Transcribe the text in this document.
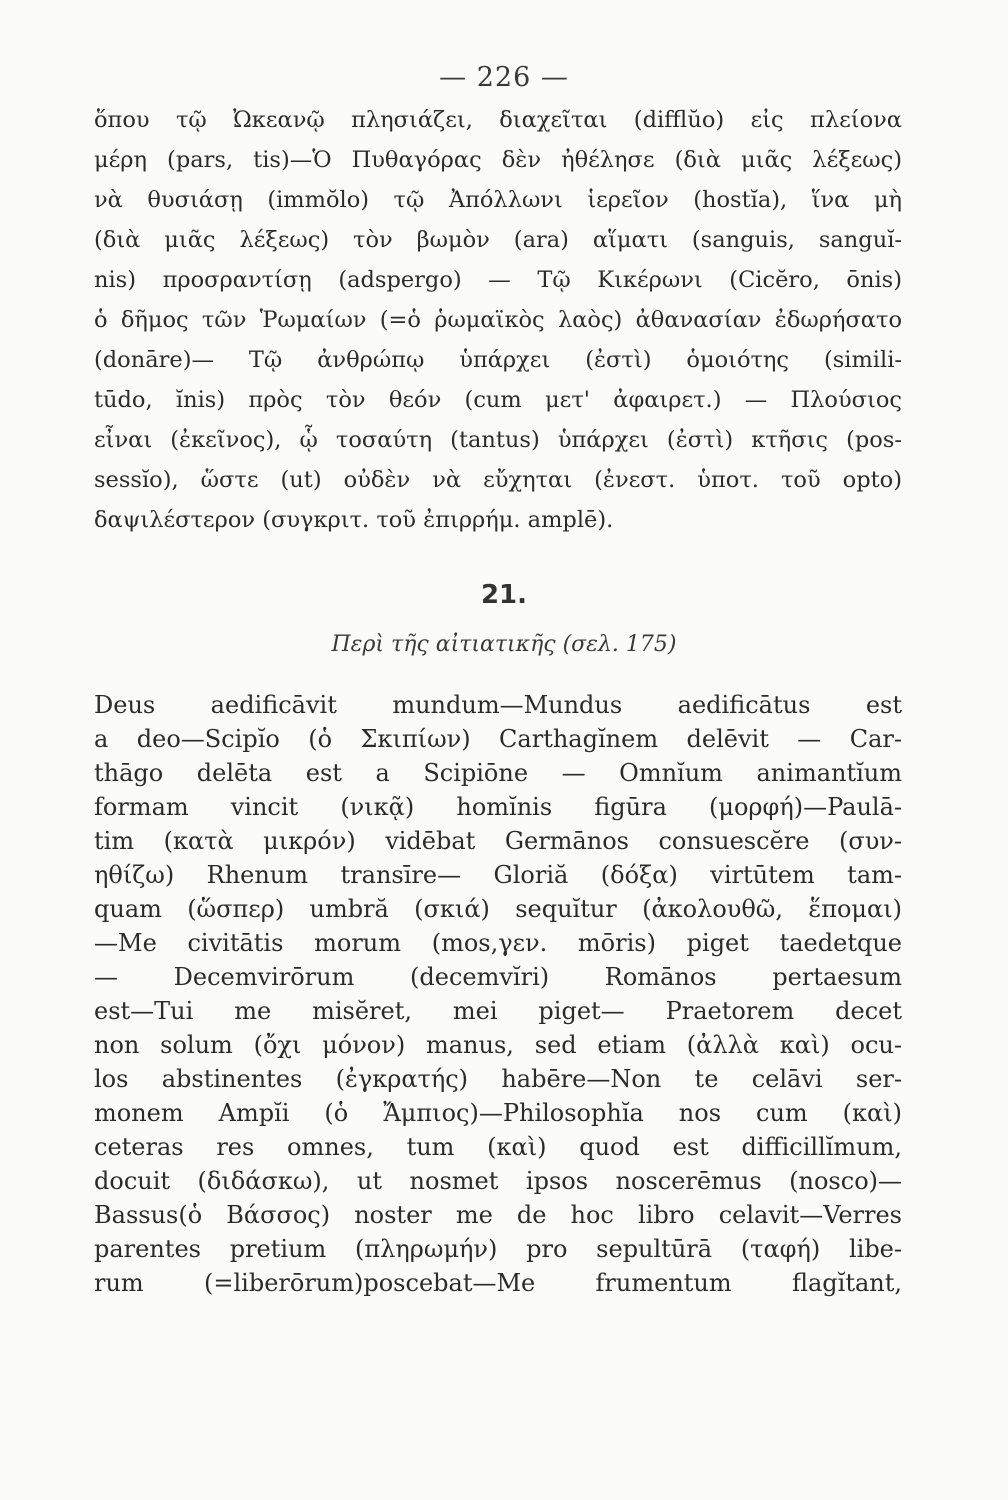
— 226 —
ὅπου τῷ Ὠκεανῷ πλησιάζει, διαχεῖται (difflŭo) εἰς πλείονα
μέρη (pars, tis)—Ὁ Πυθαγόρας δὲν ἠθέλησε (διὰ μιᾶς λέξεως)
νὰ θυσιάσῃ (immŏlo) τῷ Ἀπόλλωνι ἱερεῖον (hostĭa), ἵνα μὴ
(διὰ μιᾶς λέξεως) τὸν βωμὸν (ara) αἵματι (sanguis, sanguĭ-
nis) προσραντίσῃ (adspergo) — Τῷ Κικέρωνι (Cicĕro, ōnis)
ὁ δῆμος τῶν Ῥωμαίων (=ὁ ῥωμαϊκὸς λαὸς) ἀθανασίαν ἐδωρήσατο
(donāre)— Τῷ ἀνθρώπῳ ὑπάρχει (ἐστὶ) ὁμοιότης (simili-
tūdo, ĭnis) πρὸς τὸν θεόν (cum μετ' ἀφαιρετ.) — Πλούσιος
εἶναι (ἐκεῖνος), ᾧ τοσαύτη (tantus) ὑπάρχει (ἐστὶ) κτῆσις (pos-
sessĭo), ὥστε (ut) οὐδὲν νὰ εὔχηται (ἐνεστ. ὑποτ. τοῦ opto)
δαψιλέστερον (συγκριτ. τοῦ ἐπιρρήμ. amplē).
21.
Περὶ τῆς αἰτιατικῆς (σελ. 175)
Deus aedificāvit mundum—Mundus aedificātus est
a deo—Scipĭo (ὁ Σκιπίων) Carthagĭnem delēvit — Car-
thāgo delēta est a Scipiōne — Omnĭum animantĭum
formam vincit (νικᾷ) homĭnis figūra (μορφή)—Paulā-
tim (κατὰ μικρόν) vidēbat Germānos consuescĕre (συν-
ηθίζω) Rhenum transīre— Gloriă (δόξα) virtūtem tam-
quam (ὥσπερ) umbră (σκιά) sequĭtur (ἀκολουθῶ, ἕπομαι)
—Me civitātis morum (mos,γεν. mōris) piget taedetque
— Decemvirōrum (decemvĭri) Romānos pertaesum
est—Tui me misĕret, mei piget— Praetorem decet
non solum (ὄχι μόνον) manus, sed etiam (ἀλλὰ καὶ) ocu-
los abstinentes (ἐγκρατής) habēre—Non te celāvi ser-
monem Ampĭi (ὁ Ἄμπιος)—Philosophĭa nos cum (καὶ)
ceteras res omnes, tum (καὶ) quod est difficillĭmum,
docuit (διδάσκω), ut nosmet ipsos noscerēmus (nosco)—
Bassus(ὁ Βάσσος) noster me de hoc libro celavit—Verres
parentes pretium (πληρωμήν) pro sepultūrā (ταφή) libe-
rum (=liberōrum)poscebat—Me frumentum flagĭtant,
